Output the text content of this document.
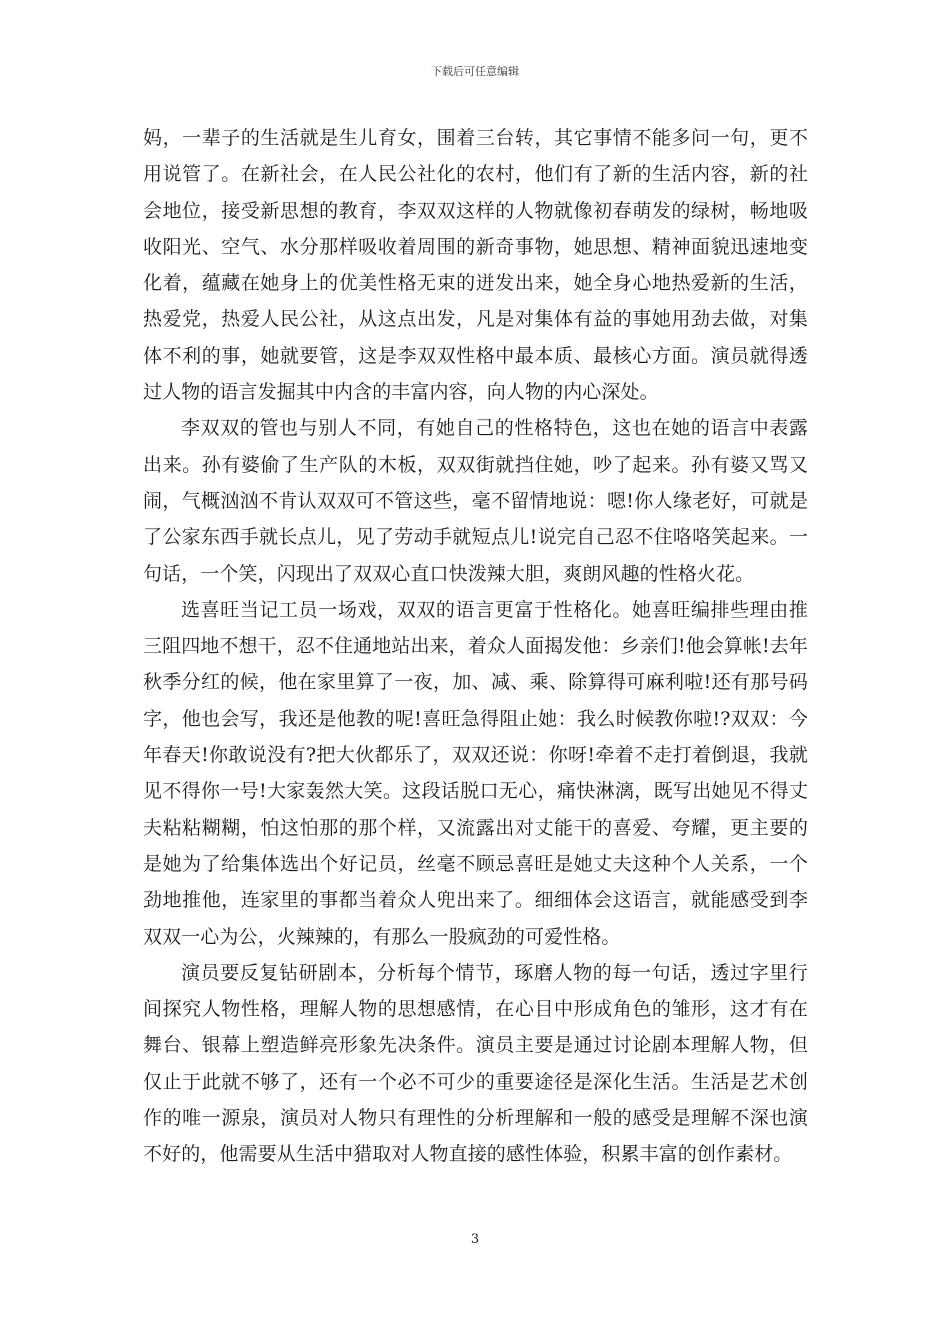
下载后可任意编辑

妈，一辈子的生活就是生儿育女，围着三台转，其它事情不能多问一句，更不用说管了。在新社会，在人民公社化的农村，他们有了新的生活内容，新的社会地位，接受新思想的教育，李双双这样的人物就像初春萌发的绿树，畅地吸收阳光、空气、水分那样吸收着周围的新奇事物，她思想、精神面貌迅速地变化着，蕴藏在她身上的优美性格无束的迸发出来，她全身心地热爱新的生活，热爱党，热爱人民公社，从这点出发，凡是对集体有益的事她用劲去做，对集体不利的事，她就要管，这是李双双性格中最本质、最核心方面。演员就得透过人物的语言发掘其中内含的丰富内容，向人物的内心深处。

李双双的管也与别人不同，有她自己的性格特色，这也在她的语言中表露出来。孙有婆偷了生产队的木板，双双街就挡住她，吵了起来。孙有婆又骂又闹，气概汹汹不肯认双双可不管这些，毫不留情地说：嗯!你人缘老好，可就是了公家东西手就长点儿，见了劳动手就短点儿!说完自己忍不住咯咯笑起来。一句话，一个笑，闪现出了双双心直口快泼辣大胆，爽朗风趣的性格火花。

选喜旺当记工员一场戏，双双的语言更富于性格化。她喜旺编排些理由推三阻四地不想干，忍不住通地站出来，着众人面揭发他：乡亲们!他会算帐!去年秋季分红的候，他在家里算了一夜，加、减、乘、除算得可麻利啦!还有那号码字，他也会写，我还是他教的呢!喜旺急得阻止她：我么时候教你啦!?双双：今年春天!你敢说没有?把大伙都乐了，双双还说：你呀!牵着不走打着倒退，我就见不得你一号!大家轰然大笑。这段话脱口无心，痛快淋漓，既写出她见不得丈夫粘粘糊糊，怕这怕那的那个样，又流露出对丈能干的喜爱、夸耀，更主要的是她为了给集体选出个好记员，丝毫不顾忌喜旺是她丈夫这种个人关系，一个劲地推他，连家里的事都当着众人兜出来了。细细体会这语言，就能感受到李双双一心为公，火辣辣的，有那么一股疯劲的可爱性格。

演员要反复钻研剧本，分析每个情节，琢磨人物的每一句话，透过字里行间探究人物性格，理解人物的思想感情，在心目中形成角色的雏形，这才有在舞台、银幕上塑造鲜亮形象先决条件。演员主要是通过讨论剧本理解人物，但仅止于此就不够了，还有一个必不可少的重要途径是深化生活。生活是艺术创作的唯一源泉，演员对人物只有理性的分析理解和一般的感受是理解不深也演不好的，他需要从生活中猎取对人物直接的感性体验，积累丰富的创作素材。

3
